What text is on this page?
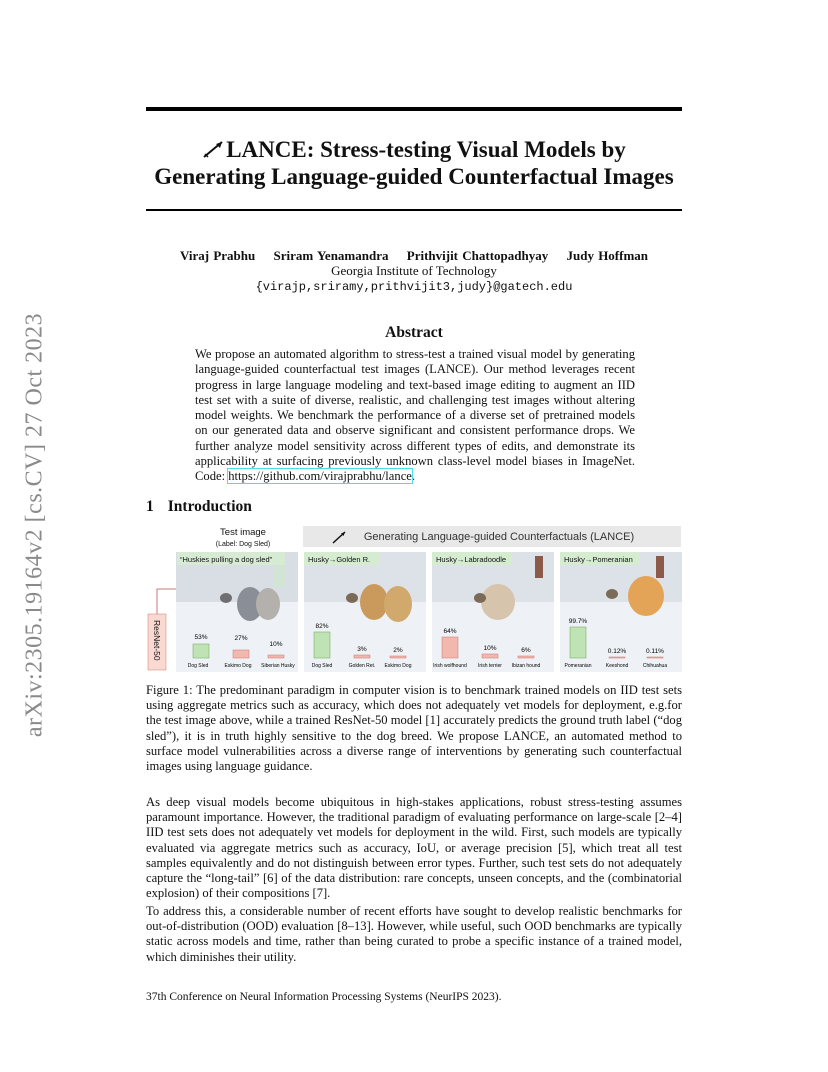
arXiv:2305.19164v2 [cs.CV] 27 Oct 2023
LANCE: Stress-testing Visual Models by
Generating Language-guided Counterfactual Images
Viraj Prabhu Sriram Yenamandra Prithvijit Chattopadhyay Judy Hoffman
Georgia Institute of Technology
{virajp,sriramy,prithvijit3,judy}@gatech.edu
Abstract
We propose an automated algorithm to stress-test a trained visual model by generating language-guided counterfactual test images (LANCE). Our method leverages recent progress in large language modeling and text-based image editing to augment an IID test set with a suite of diverse, realistic, and challenging test images without altering model weights. We benchmark the performance of a diverse set of pretrained models on our generated data and observe significant and consistent performance drops. We further analyze model sensitivity across different types of edits, and demonstrate its applicability at surfacing previously unknown class-level model biases in ImageNet. Code: https://github.com/virajprabhu/lance.
1 Introduction
Test image
(Label: Dog Sled)
Generating Language-guided Counterfactuals (LANCE)
ResNet-50
“Huskies pulling a dog sled”
53%	27%
10%
Dog Sled	Eskimo Dog Siberian Husky
Husky→Golden R.
82%
3%	2%
Dog Sled	Golden Ret. Eskimo Dog
Husky→Labradoodle
64%
10%	6%
Irish wolfhound Irish terrier Ibizan hound
Husky→Pomeranian
99.7%
0.12%	0.11%
Pomeranian	Keeshond	Chihuahua
Figure 1: The predominant paradigm in computer vision is to benchmark trained models on IID test sets using aggregate metrics such as accuracy, which does not adequately vet models for deployment, e.g.for the test image above, while a trained ResNet-50 model [1] accurately predicts the ground truth label (“dog sled”), it is in truth highly sensitive to the dog breed. We propose LANCE, an automated method to surface model vulnerabilities across a diverse range of interventions by generating such counterfactual images using language guidance.
As deep visual models become ubiquitous in high-stakes applications, robust stress-testing assumes paramount importance. However, the traditional paradigm of evaluating performance on large-scale [2–4] IID test sets does not adequately vet models for deployment in the wild. First, such models are typically evaluated via aggregate metrics such as accuracy, IoU, or average precision [5], which treat all test samples equivalently and do not distinguish between error types. Further, such test sets do not adequately capture the “long-tail” [6] of the data distribution: rare concepts, unseen concepts, and the (combinatorial explosion) of their compositions [7].
To address this, a considerable number of recent efforts have sought to develop realistic benchmarks for out-of-distribution (OOD) evaluation [8–13]. However, while useful, such OOD benchmarks are typically static across models and time, rather than being curated to probe a specific instance of a trained model, which diminishes their utility.
37th Conference on Neural Information Processing Systems (NeurIPS 2023).
